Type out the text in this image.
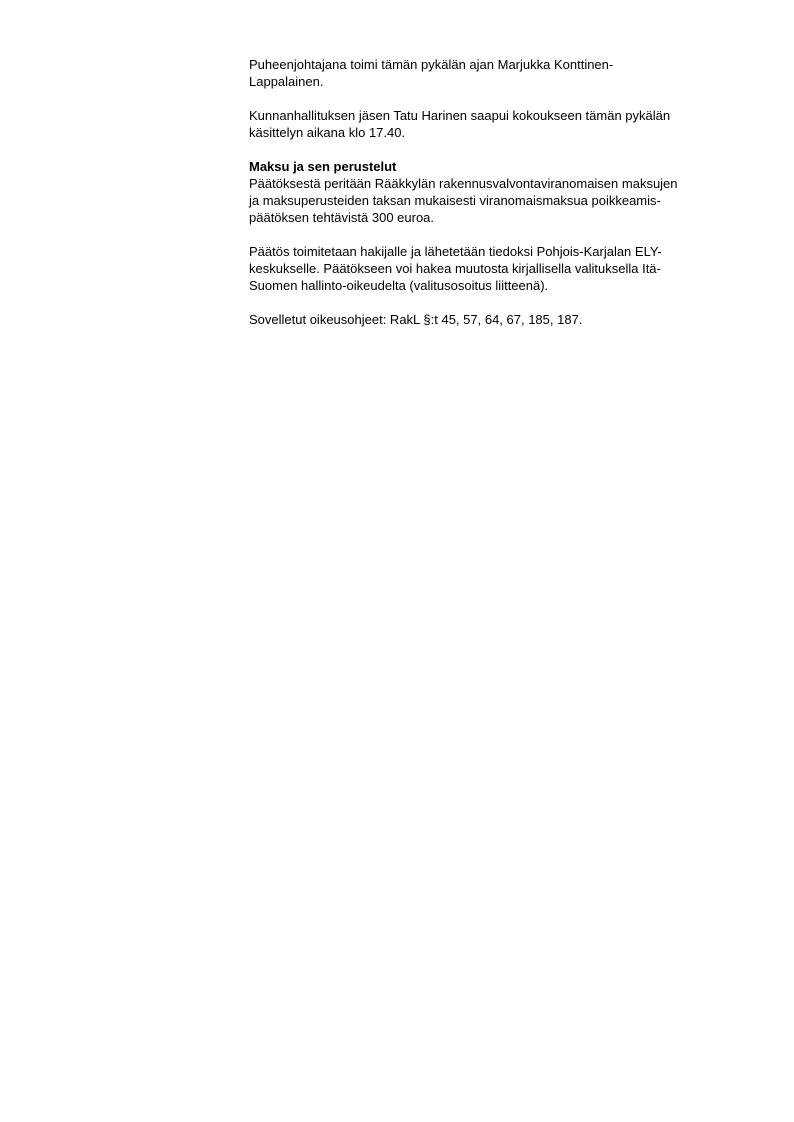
Puheenjohtajana toimi tämän pykälän ajan Marjukka Konttinen-
Lappalainen.

Kunnanhallituksen jäsen Tatu Harinen saapui kokoukseen tämän pykälän
käsittelyn aikana klo 17.40.

Maksu ja sen perustelut
Päätöksestä peritään Rääkkylän rakennusvalvontaviranomaisen maksujen
ja maksuperusteiden taksan mukaisesti viranomaismaksua poikkeamis-
päätöksen tehtävistä 300 euroa.

Päätös toimitetaan hakijalle ja lähetetään tiedoksi Pohjois-Karjalan ELY-
keskukselle. Päätökseen voi hakea muutosta kirjallisella valituksella Itä-
Suomen hallinto-oikeudelta (valitusosoitus liitteenä).

Sovelletut oikeusohjeet: RakL §:t 45, 57, 64, 67, 185, 187.
